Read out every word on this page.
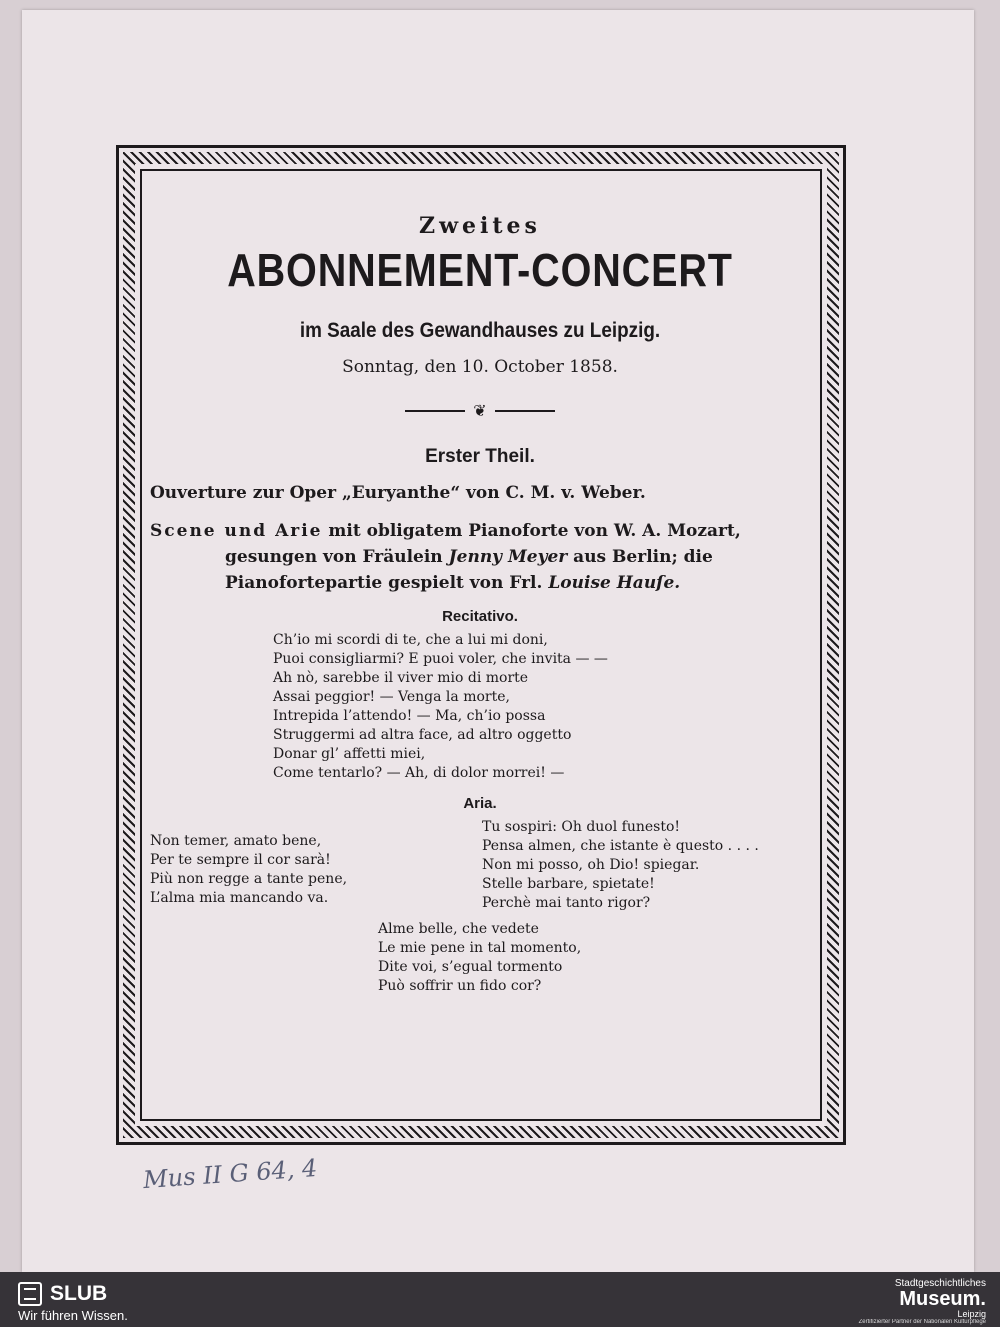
Zweites
ABONNEMENT-CONCERT
im Saale des Gewandhauses zu Leipzig.
Sonntag, den 10. October 1858.
❦
Erster Theil.
Ouverture zur Oper „Euryanthe“ von C. M. v. Weber.
Scene und Arie mit obligatem Pianoforte von W. A. Mozart,
gesungen von Fräulein Jenny Meyer aus Berlin; die
Pianofortepartie gespielt von Frl. Louise Hauſe.
Recitativo.
Ch’io mi scordi di te, che a lui mi doni,
Puoi consigliarmi? E puoi voler, che invita — —
Ah nò, sarebbe il viver mio di morte
Assai peggior! — Venga la morte,
Intrepida l’attendo! — Ma, ch’io possa
Struggermi ad altra face, ad altro oggetto
Donar gl’ affetti miei,
Come tentarlo? — Ah, di dolor morrei! —
Aria.
Non temer, amato bene,
Per te sempre il cor sarà!
Più non regge a tante pene,
L’alma mia mancando va.
Tu sospiri: Oh duol funesto!
Pensa almen, che istante è questo . . . .
Non mi posso, oh Dio! spiegar.
Stelle barbare, spietate!
Perchè mai tanto rigor?
Alme belle, che vedete
Le mie pene in tal momento,
Dite voi, s’egual tormento
Può soffrir un fido cor?
Mus II G 64, 4
SLUB
Wir führen Wissen.
Stadtgeschichtliches
Museum.
Leipzig
Zertifizierter Partner der Nationalen Kulturpflege
